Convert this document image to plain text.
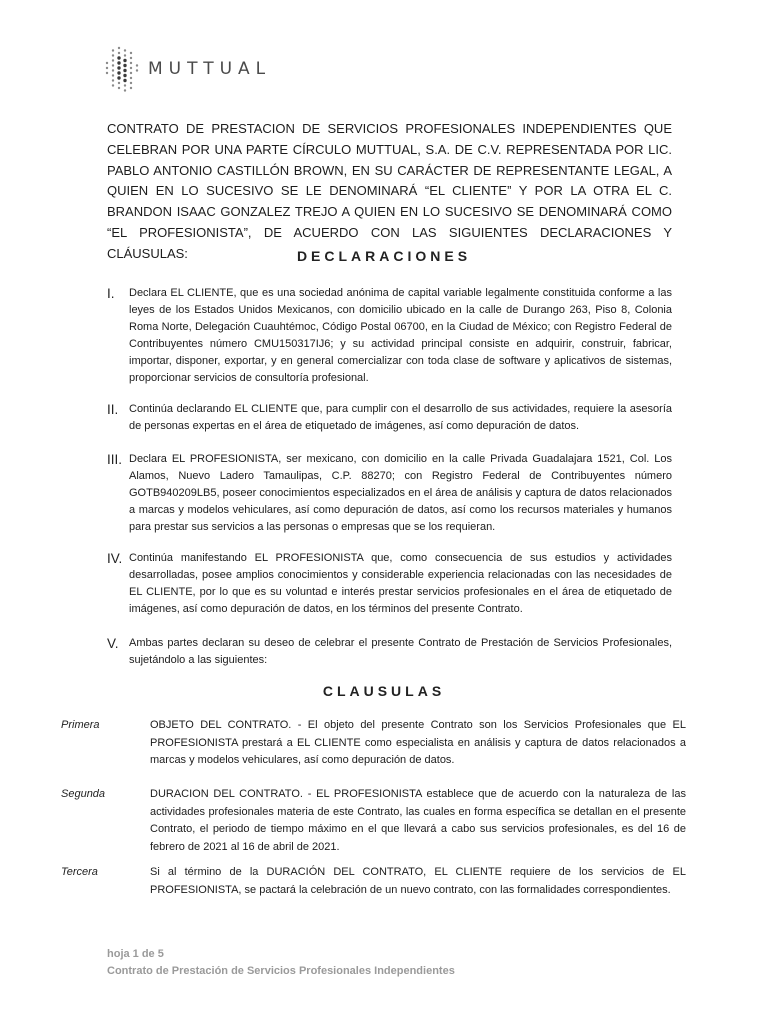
MUTTUAL
CONTRATO DE PRESTACION DE SERVICIOS PROFESIONALES INDEPENDIENTES QUE CELEBRAN POR UNA PARTE CÍRCULO MUTTUAL, S.A. DE C.V. REPRESENTADA POR LIC. PABLO ANTONIO CASTILLÓN BROWN, EN SU CARÁCTER DE REPRESENTANTE LEGAL, A QUIEN EN LO SUCESIVO SE LE DENOMINARÁ “EL CLIENTE” Y POR LA OTRA EL C. BRANDON ISAAC GONZALEZ TREJO A QUIEN EN LO SUCESIVO SE DENOMINARÁ COMO “EL PROFESIONISTA”, DE ACUERDO CON LAS SIGUIENTES DECLARACIONES Y CLÁUSULAS:	DECLARACIONES
I.	Declara EL CLIENTE, que es una sociedad anónima de capital variable legalmente constituida conforme a las leyes de los Estados Unidos Mexicanos, con domicilio ubicado en la calle de Durango 263, Piso 8, Colonia Roma Norte, Delegación Cuauhtémoc, Código Postal 06700, en la Ciudad de México; con Registro Federal de Contribuyentes número CMU150317IJ6; y su actividad principal consiste en adquirir, construir, fabricar, importar, disponer, exportar, y en general comercializar con toda clase de software y aplicativos de sistemas, proporcionar servicios de consultoría profesional.
II. Continúa declarando EL CLIENTE que, para cumplir con el desarrollo de sus actividades, requiere la asesoría de personas expertas en el área de etiquetado de imágenes, así como depuración de datos.
III. Declara EL PROFESIONISTA, ser mexicano, con domicilio en la calle Privada Guadalajara 1521, Col. Los Alamos, Nuevo Ladero Tamaulipas, C.P. 88270; con Registro Federal de Contribuyentes número GOTB940209LB5, poseer conocimientos especializados en el área de análisis y captura de datos relacionados a marcas y modelos vehiculares, así como depuración de datos, así como los recursos materiales y humanos para prestar sus servicios a las personas o empresas que se los requieran.
IV. Continúa manifestando EL PROFESIONISTA que, como consecuencia de sus estudios y actividades desarrolladas, posee amplios conocimientos y considerable experiencia relacionadas con las necesidades de EL CLIENTE, por lo que es su voluntad e interés prestar servicios profesionales en el área de etiquetado de imágenes, así como depuración de datos, en los términos del presente Contrato.
V. Ambas partes declaran su deseo de celebrar el presente Contrato de Prestación de Servicios Profesionales, sujetándolo a las siguientes:
CLAUSULAS
Primera	OBJETO DEL CONTRATO. - El objeto del presente Contrato son los Servicios Profesionales que EL PROFESIONISTA prestará a EL CLIENTE como especialista en análisis y captura de datos relacionados a marcas y modelos vehiculares, así como depuración de datos.
Segunda	DURACION DEL CONTRATO. - EL PROFESIONISTA establece que de acuerdo con la naturaleza de las actividades profesionales materia de este Contrato, las cuales en forma específica se detallan en el presente Contrato, el periodo de tiempo máximo en el que llevará a cabo sus servicios profesionales, es del 16 de febrero de 2021 al 16 de abril de 2021.
Tercera	Si al término de la DURACIÓN DEL CONTRATO, EL CLIENTE requiere de los servicios de EL PROFESIONISTA, se pactará la celebración de un nuevo contrato, con las formalidades correspondientes.
hoja 1 de 5
Contrato de Prestación de Servicios Profesionales Independientes
